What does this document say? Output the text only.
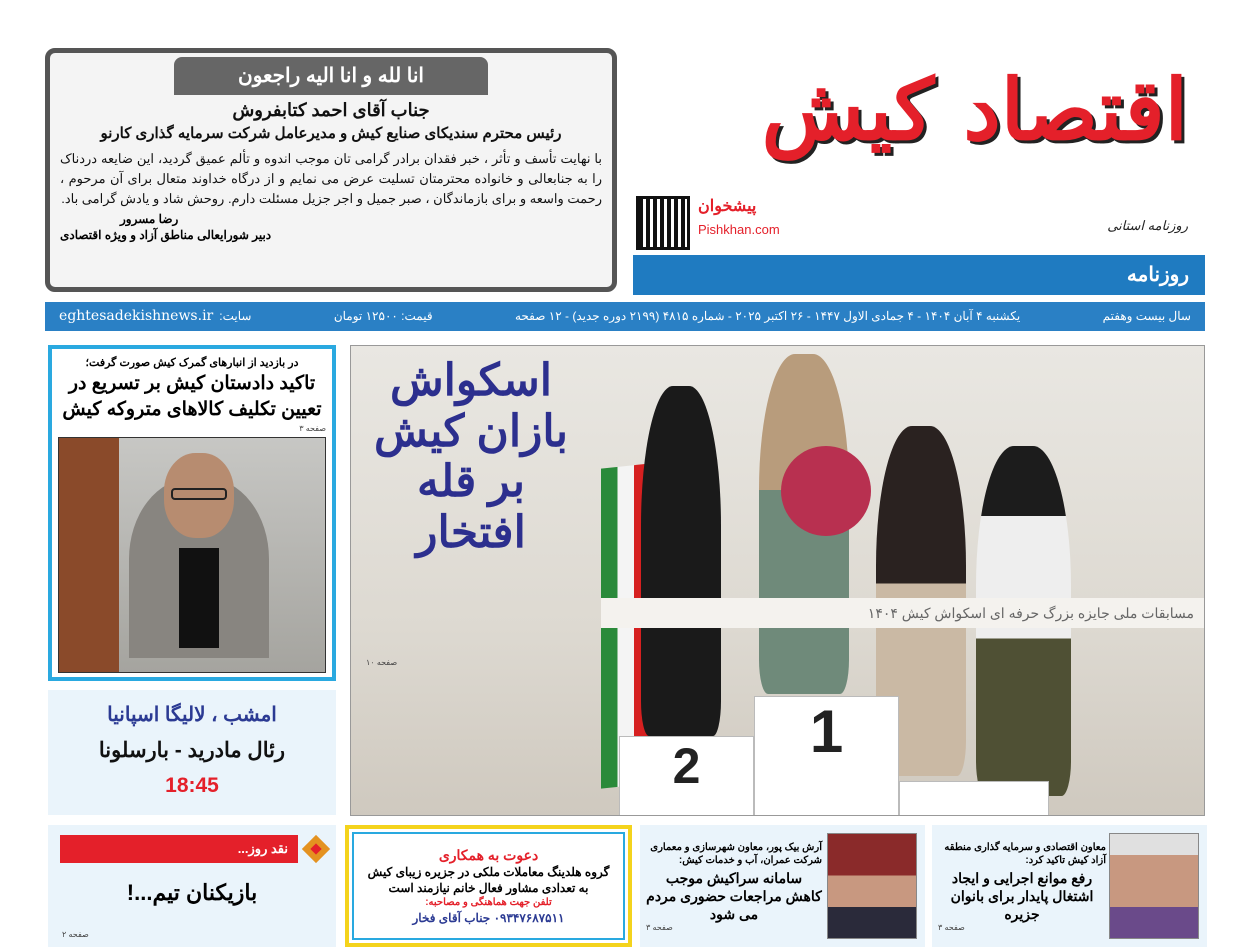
انا لله و انا الیه راجعون
جناب آقای احمد کتابفروش
رئیس محترم سندیکای صنایع کیش و مدیرعامل شرکت سرمایه گذاری کارنو
با نهایت تأسف و تأثر ، خبر فقدان برادر گرامی تان موجب اندوه و تألم عمیق گردید، این ضایعه دردناک را به جنابعالی و خانواده محترمتان تسلیت عرض می نمایم و از درگاه خداوند متعال برای آن مرحوم ، رحمت واسعه و برای بازماندگان ، صبر جمیل و اجر جزیل مسئلت دارم. روحش شاد و یادش گرامی باد.
رضا مسرور
دبیر شورایعالی مناطق آزاد و ویژه اقتصادی
اقتصاد کیش
روزنامه استانی
پیشخوان
Pishkhan.com
روزنامه
سال بیست وهفتم
یکشنبه ۴ آبان ۱۴۰۴ - ۴ جمادی الاول ۱۴۴۷ - ۲۶ اکتبر ۲۰۲۵ - شماره ۴۸۱۵ (۲۱۹۹ دوره جدید) - ۱۲ صفحه
قیمت: ۱۲۵۰۰ تومان
سایت:
eghtesadekishnews.ir
در بازدید از انبارهای گمرک کیش صورت گرفت؛
تاکید دادستان کیش بر تسریع در تعیین تکلیف کالاهای متروکه کیش
صفحه ۳
امشب ، لالیگا اسپانیا
رئال مادرید - بارسلونا
18:45
اسکواش
بازان کیش
بر قله
افتخار
صفحه ۱۰
2
1
مسابقات ملی جایزه بزرگ حرفه ای اسکواش کیش ۱۴۰۴
نقد روز...
بازیکنان تیم...!
صفحه ۲
دعوت به همکاری
گروه هلدینگ معاملات ملکی در جزیره زیبای کیش به تعدادی مشاور فعال خانم نیازمند است
تلفن جهت هماهنگی و مصاحبه:
۰۹۳۴۷۶۸۷۵۱۱ جناب آقای فخار
آرش بیک پور، معاون شهرسازی و معماری شرکت عمران، آب و خدمات کیش:
سامانه سراکیش موجب کاهش مراجعات حضوری مردم می شود
صفحه ۳
معاون اقتصادی و سرمایه گذاری منطقه آزاد کیش تاکید کرد:
رفع موانع اجرایی و ایجاد اشتغال پایدار برای بانوان جزیره
صفحه ۳
